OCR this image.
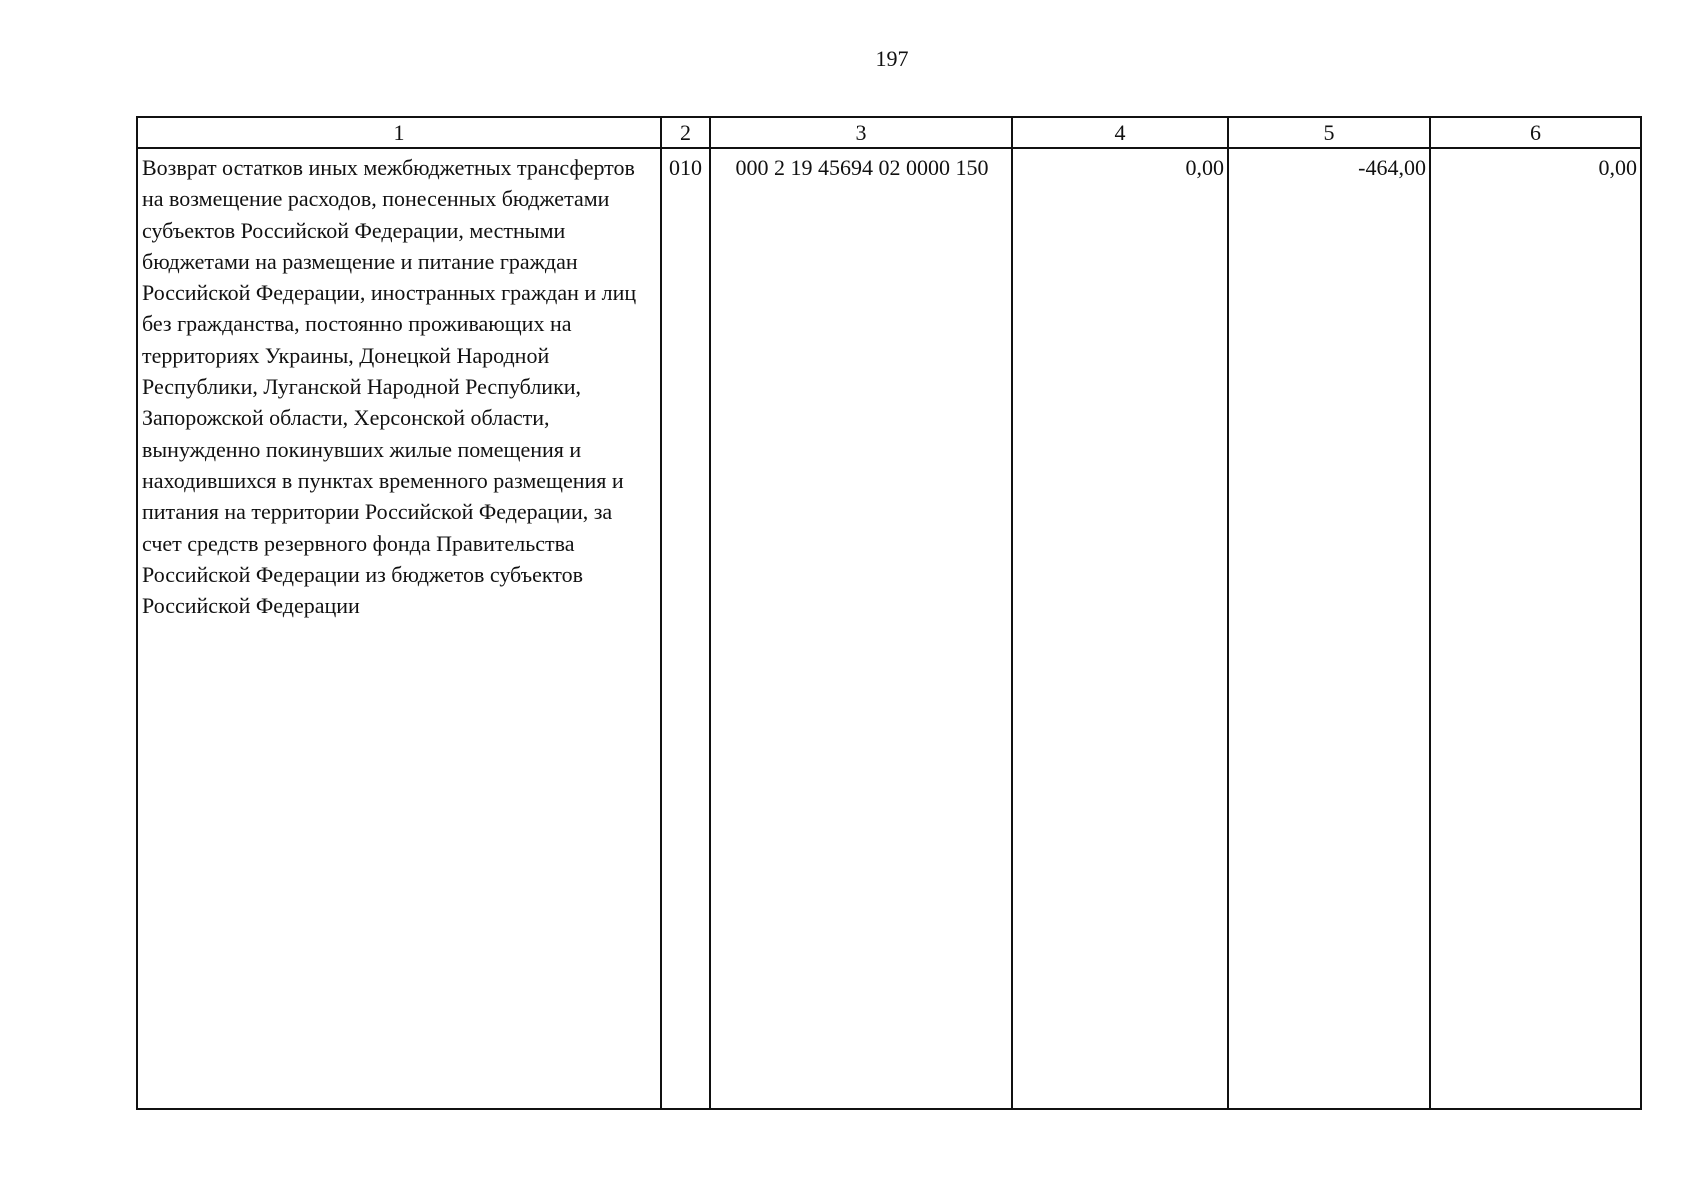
197
1	2	3	4	5	6
Возврат остатков иных межбюджетных трансфертов на возмещение расходов, понесенных бюджетами субъектов Российской Федерации, местными бюджетами на размещение и питание граждан Российской Федерации, иностранных граждан и лиц без гражданства, постоянно проживающих на территориях Украины, Донецкой Народной Республики, Луганской Народной Республики, Запорожской области, Херсонской области, вынужденно покинувших жилые помещения и находившихся в пунктах временного размещения и питания на территории Российской Федерации, за счет средств резервного фонда Правительства Российской Федерации из бюджетов субъектов Российской Федерации	010	000 2 19 45694 02 0000 150	0,00	-464,00	0,00
